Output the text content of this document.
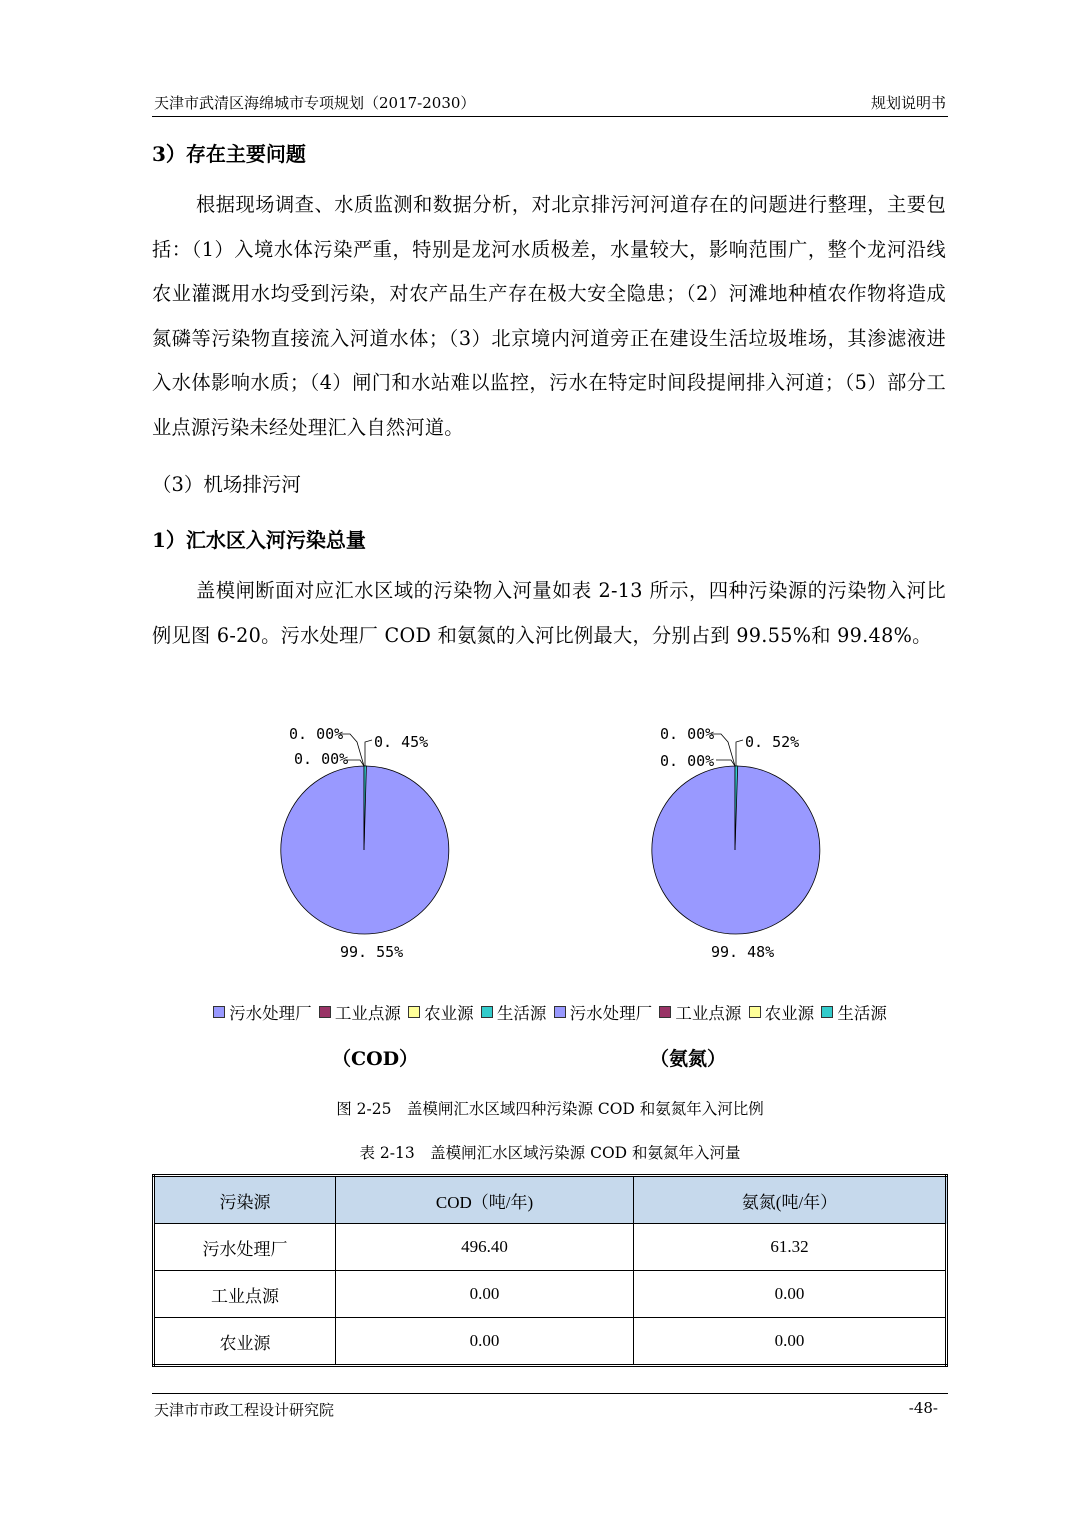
天津市武清区海绵城市专项规划（2017-2030）	规划说明书
3）存在主要问题

根据现场调查、水质监测和数据分析，对北京排污河河道存在的问题进行整理，主要包括：（1）入境水体污染严重，特别是龙河水质极差，水量较大，影响范围广，整个龙河沿线农业灌溉用水均受到污染，对农产品生产存在极大安全隐患；（2）河滩地种植农作物将造成氮磷等污染物直接流入河道水体；（3）北京境内河道旁正在建设生活垃圾堆场，其渗滤液进入水体影响水质；（4）闸门和水站难以监控，污水在特定时间段提闸排入河道；（5）部分工业点源污染未经处理汇入自然河道。

（3）机场排污河
1）汇水区入河污染总量

盖模闸断面对应汇水区域的污染物入河量如表 2-13 所示，四种污染源的污染物入河比例见图 6-20。污水处理厂 COD 和氨氮的入河比例最大，分别占到 99.55%和 99.48%。

0. 00%
0. 00%
0. 45%
99. 55%
0. 00%
0. 00%
0. 52%
99. 48%
污水处理厂 工业点源 农业源 生活源 污水处理厂 工业点源 农业源 生活源
（COD）	（氨氮）
图 2-25　盖模闸汇水区域四种污染源 COD 和氨氮年入河比例
表 2-13　盖模闸汇水区域污染源 COD 和氨氮年入河量
污染源	COD（吨/年)	氨氮(吨/年）
污水处理厂	496.40	61.32
工业点源	0.00	0.00
农业源	0.00	0.00
天津市市政工程设计研究院	-48-
